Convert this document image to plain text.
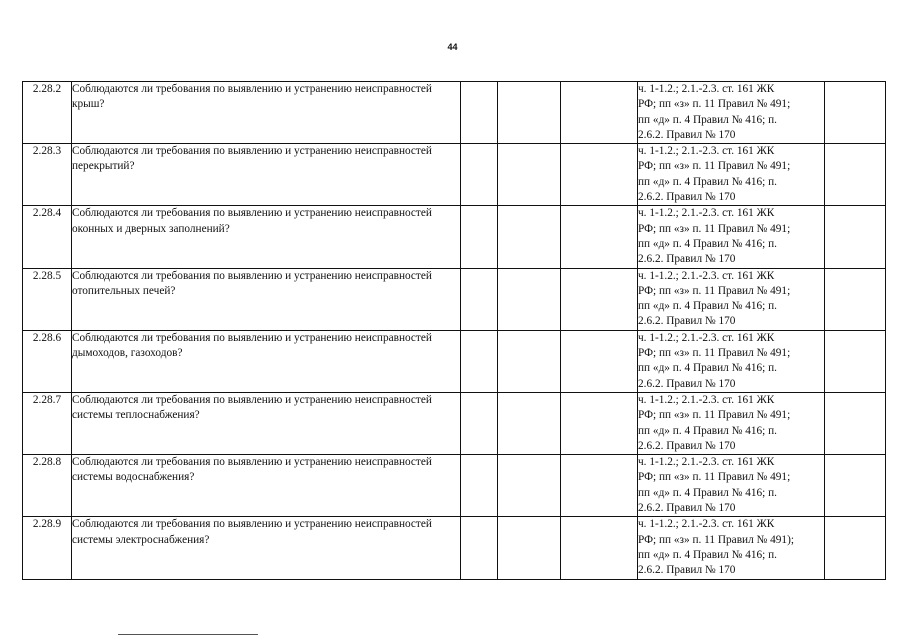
44
2.28.2	Соблюдаются ли требования по выявлению и устранению неисправностей крыш?				ч. 1-1.2.; 2.1.-2.3. ст. 161 ЖК
РФ; пп «з» п. 11 Правил № 491;
пп «д» п. 4 Правил № 416; п.
2.6.2. Правил № 170	

2.28.3	Соблюдаются ли требования по выявлению и устранению неисправностей перекрытий?				ч. 1-1.2.; 2.1.-2.3. ст. 161 ЖК
РФ; пп «з» п. 11 Правил № 491;
пп «д» п. 4 Правил № 416; п.
2.6.2. Правил № 170	

2.28.4	Соблюдаются ли требования по выявлению и устранению неисправностей оконных и дверных заполнений?				ч. 1-1.2.; 2.1.-2.3. ст. 161 ЖК
РФ; пп «з» п. 11 Правил № 491;
пп «д» п. 4 Правил № 416; п.
2.6.2. Правил № 170	

2.28.5	Соблюдаются ли требования по выявлению и устранению неисправностей отопительных печей?				ч. 1-1.2.; 2.1.-2.3. ст. 161 ЖК
РФ; пп «з» п. 11 Правил № 491;
пп «д» п. 4 Правил № 416; п.
2.6.2. Правил № 170	

2.28.6	Соблюдаются ли требования по выявлению и устранению неисправностей дымоходов, газоходов?				ч. 1-1.2.; 2.1.-2.3. ст. 161 ЖК
РФ; пп «з» п. 11 Правил № 491;
пп «д» п. 4 Правил № 416; п.
2.6.2. Правил № 170	

2.28.7	Соблюдаются ли требования по выявлению и устранению неисправностей системы теплоснабжения?				ч. 1-1.2.; 2.1.-2.3. ст. 161 ЖК
РФ; пп «з» п. 11 Правил № 491;
пп «д» п. 4 Правил № 416; п.
2.6.2. Правил № 170	

2.28.8	Соблюдаются ли требования по выявлению и устранению неисправностей системы водоснабжения?				ч. 1-1.2.; 2.1.-2.3. ст. 161 ЖК
РФ; пп «з» п. 11 Правил № 491;
пп «д» п. 4 Правил № 416; п.
2.6.2. Правил № 170	

2.28.9	Соблюдаются ли требования по выявлению и устранению неисправностей системы электроснабжения?				ч. 1-1.2.; 2.1.-2.3. ст. 161 ЖК
РФ; пп «з» п. 11 Правил № 491);
пп «д» п. 4 Правил № 416; п.
2.6.2. Правил № 170	
